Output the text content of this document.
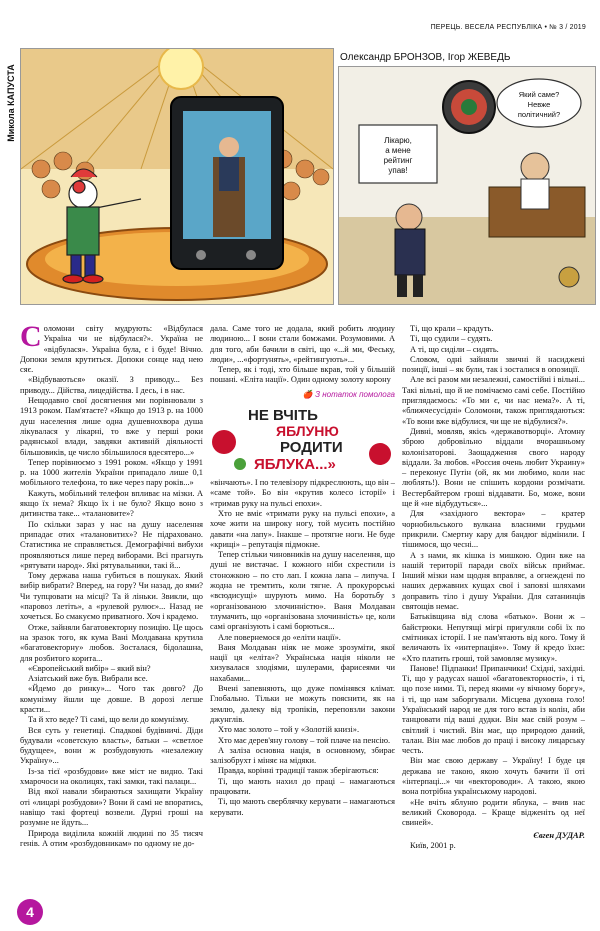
ПЕРЕЦЬ. ВЕСЕЛА РЕСПУБЛІКА • № 3 / 2019
Микола КАПУСТА
Олександр БРОНЗОВ, Ігор ЖЕВЕДЬ
Лікарю,
а мене
рейтинг
упав!
Який саме?
Невже
політичний?

Соломони світу мудрують: «Відбулася Україна чи не відбулася?». Україна не «відбулася». Україна була, є і буде! Вічно. Допоки земля крутиться. Допоки сонце над нею сяє.

«Відбуваються» оказії. З приводу... Без приводу... Дійства, лицедійства. І десь, і в нас.

Нещодавно свої досягнення ми порівнювали з 1913 роком. Пам'ятаєте? «Якщо до 1913 р. на 1000 душ населення лише одна душевнохвора душа лікувалася у лікарні, то вже у перші роки радянської влади, завдяки активній діяльності більшовиків, це число збільшилося вдесятеро...»

Тепер порівнюємо з 1991 роком. «Якщо у 1991 р. на 1000 жителів України припадало лише 0,1 мобільного телефона, то вже через пару років...»

Кажуть, мобільний телефон впливає на мізки. А якщо їх нема? Якщо їх і не було? Якщо воно з дитинства таке... «талановите»?

По скільки зараз у нас на душу населення припадає отих «талановитих»? Не підраховано. Статистика не справляється. Демографічні вибухи проявляються лише перед виборами. Всі прагнуть «рятувати народ». Які рятувальники, такі й...

Тому держава наша губиться в пошуках. Який вибір вибрати? Вперед, на гору? Чи назад, до ями? Чи тупцювати на місці? Та й ліньки. Звикли, що «паровоз летіть», а «рулевой рулює»... Назад не хочеться. Бо смакуємо приватного. Хоч і крадемо.

Отже, зайняли багатовекторну позицію. Це щось на зразок того, як кума Вані Молдавана крутила «багатовекторну» любов. Зосталася, бідолашна, для розбитого корита...

«Європейський вибір» – який він?

Азіатський вже був. Вибрали все.

«Йдемо до ринку»... Чого так довго? До комунізму йшли ще довше. В дорозі легше красти...

Та й хто веде? Ті самі, що вели до комунізму.

Вся суть у генетиці. Спадкові будівничі. Діди будували «советскую власть», батьки – «светлое будущее», вони ж розбудовують «незалежну Україну»...

Із-за тієї «розбудови» вже міст не видно. Такі хмарочоси на околицях, такі замки, такі палаци...

Від якої навали збираються захищати Україну оті «лицарі розбудови»? Вони й самі не впоратись, навіщо такі фортеці возвели. Дурні гроші на розумне не йдуть...

Природа виділила кожній людині по 35 тисяч генів. А отим «розбудовникам» по одному не до-

дала. Саме того не додала, який робить людину людиною... І вони стали бомжами. Розумовими. А для того, аби бачили в світі, що «...й ми, Феську, люди», ...«фортунять», «рейтингують»...

Тепер, як і тоді, хто більше вкрав, той у більшій пошані. «Еліта нації». Один одному золоту корону

🍎 З нотаток помолога
НЕ ВЧІТЬ
ЯБЛУНЮ
РОДИТИ
ЯБЛУКА...»

«вінчають». І по телевізору підкреслюють, що він – «саме той». Бо він «крутив колесо історії» і «тримав руку на пульсі епохи».

Хто не вміє «тримати руку на пульсі епохи», а хоче жити на широку ногу, той мусить постійно давати «на лапу». Інакше – протягне ноги. Не буде «крищі» – репутація підмокне.

Тепер стільки чиновників на душу населення, що душі не вистачає. І кожного ніби схрестили із стоножкою – по сто лап. І кожна лапа – липуча. І жодна не тремтить, коли тягне. А прокурорські «всюдисущі» шурують мимо. На боротьбу з «організованою злочинністю». Ваня Молдаван тлумачить, що «організована злочинність» це, коли самі організують і самі борються...

Але повернемося до «еліти нації».

Ваня Молдаван ніяк не може зрозуміти, якої нації ця «еліта»? Українська нація ніколи не хизувалася злодіями, шулерами, фарисеями чи нахабами...

Вчені запевняють, що дуже помінявся клімат. Глобально. Тільки не можуть пояснити, як на землю, далеку від тропіків, переповзли закони джунглів.

Хто має золото – той у «Золотій книзі».

Хто має дерев'яну голову – той плаче на пенсію.

А заліза основна нація, в основному, збирає залізобрухт і міняє на мідяки.

Правда, корінні традиції також зберігаються:

Ті, що мають нахил до праці – намагаються працювати.

Ті, що мають сверблячку керувати – намагаються керувати.

Ті, що крали – крадуть.

Ті, що судили – судять.

А ті, що сиділи – сидять.

Словом, одні зайняли звичні й насиджені позиції, інші – як були, так і зосталися в опозиції.

Але всі разом ми незалежні, самостійні і вільні... Такі вільні, що й не помічаємо самі себе. Постійно приглядаємось: «То ми є, чи нас нема?». А ті, «ближчесусідні» Соломони, також приглядаються: «То вони вже відбулися, чи ще не відбулися?».

Дивні, мовляв, якісь «державотворці». Атомну зброю добровільно віддали вчорашньому колонізаторові. Заощадження свого народу віддали. За любов. «Россия очень любит Украину» – переконує Путін (ой, як ми любимо, коли нас люблять!). Вони не спішить кордони розмічати. Вестербайтером гроші віддавати. Бо, може, вони ще й «не відбудуться»...

Для «західного вектора» – кратер чорнобильського вулкана власними грудьми прикрили. Смертну кару для бандюг відмінили. І тішимося, що чесні...

А з нами, як кішка із мишкою. Один вже на нашій території паради своїх військ приймає. Інший мізки нам щодня вправляє, а огнеждені по наших державних кущах свої і заповзі шляхами доправить тіло і душу України. Для сатанинців святощів немає.

Батьківщина від слова «батько». Вони ж – байстрюки. Непутящі мігрі пригуляли собі їх по смітниках історії. І не пам'ятають від кого. Тому й величають їх «интерпація»». Тому й кредо їхнє: «Хто платить гроші, той замовляє музику».

Панове! Підпанки! Припанчики! Східні, західні. Ті, що у радусах нашої «багатовекторності», і ті, що позе ними. Ті, перед якими «у вічному боргу», і ті, що нам заборгували. Місцева духовна голо! Український народ не для того встав із колін, аби танцювати під ваші дудки. Він має свій розум – світлий і чистий. Він має, що природою даний, талан. Він має любов до праці і високу лицарську честь.

Він має свою державу – Україну! І буде ця держава не такою, якою хочуть бачити її оті «інтерпаці...» чи «вектороводи». А такою, якою вона потрібна українському народові.

«Не вчіть яблуню родити яблука, – вчив нас великий Сковорода. – Краще відженіть од неї свиней».

Євген ДУДАР.

Київ, 2001 р.

4
